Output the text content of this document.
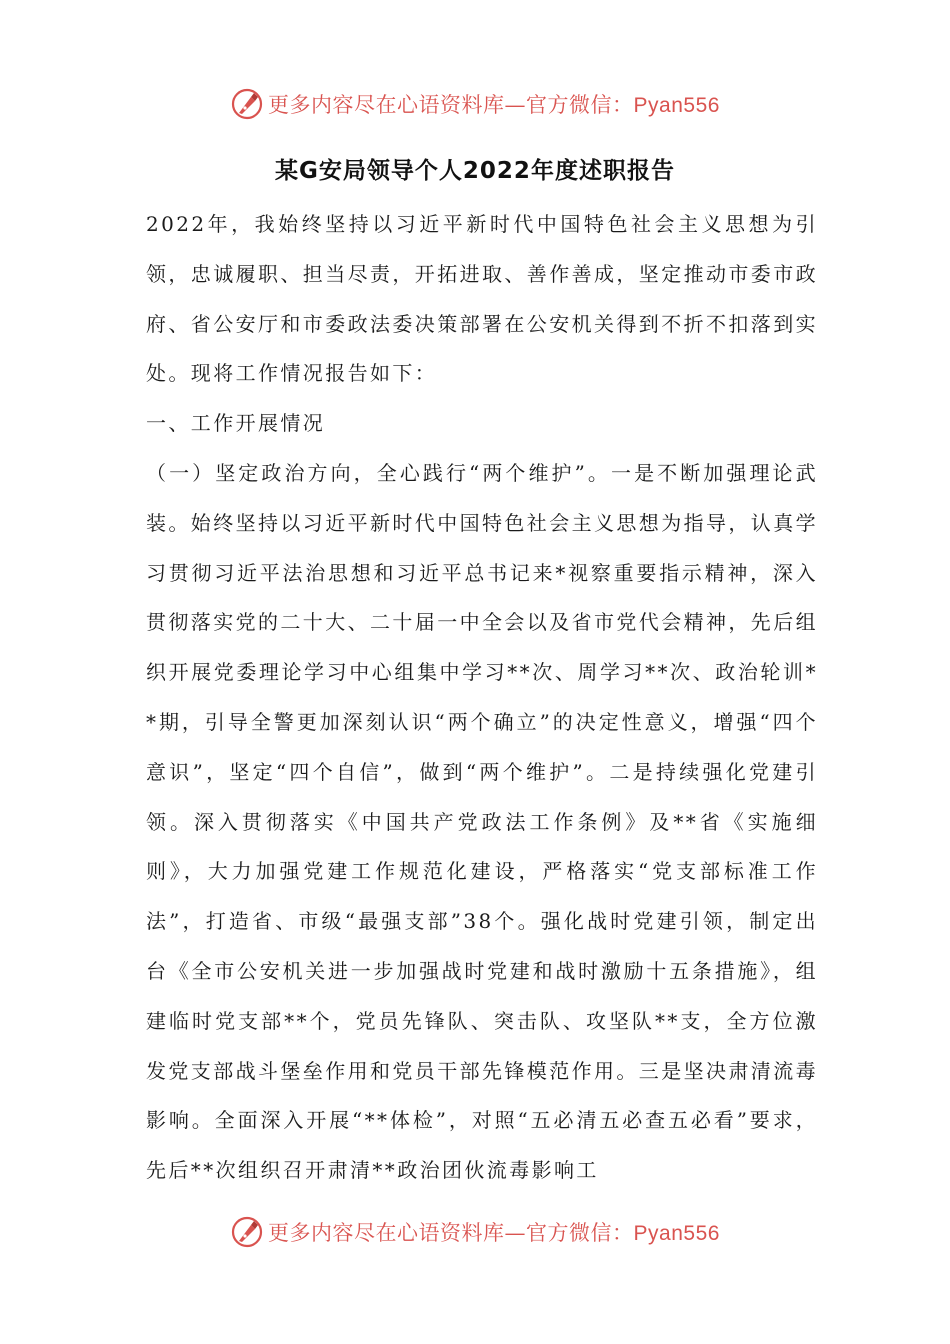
更多内容尽在心语资料库—官方微信：Pyan556
某G安局领导个人2022年度述职报告

2022年，我始终坚持以习近平新时代中国特色社会主义思想为引领，忠诚履职、担当尽责，开拓进取、善作善成，坚定推动市委市政府、省公安厅和市委政法委决策部署在公安机关得到不折不扣落到实处。现将工作情况报告如下：

一、工作开展情况

（一）坚定政治方向，全心践行“两个维护”。一是不断加强理论武装。始终坚持以习近平新时代中国特色社会主义思想为指导，认真学习贯彻习近平法治思想和习近平总书记来*视察重要指示精神，深入贯彻落实党的二十大、二十届一中全会以及省市党代会精神，先后组织开展党委理论学习中心组集中学习**次、周学习**次、政治轮训**期，引导全警更加深刻认识“两个确立”的决定性意义，增强“四个意识”，坚定“四个自信”，做到“两个维护”。二是持续强化党建引领。深入贯彻落实《中国共产党政法工作条例》及**省《实施细则》，大力加强党建工作规范化建设，严格落实“党支部标准工作法”，打造省、市级“最强支部”38个。强化战时党建引领，制定出台《全市公安机关进一步加强战时党建和战时激励十五条措施》，组建临时党支部**个，党员先锋队、突击队、攻坚队**支，全方位激发党支部战斗堡垒作用和党员干部先锋模范作用。三是坚决肃清流毒影响。全面深入开展“**体检”，对照“五必清五必查五必看”要求，先后**次组织召开肃清**政治团伙流毒影响工

更多内容尽在心语资料库—官方微信：Pyan556
